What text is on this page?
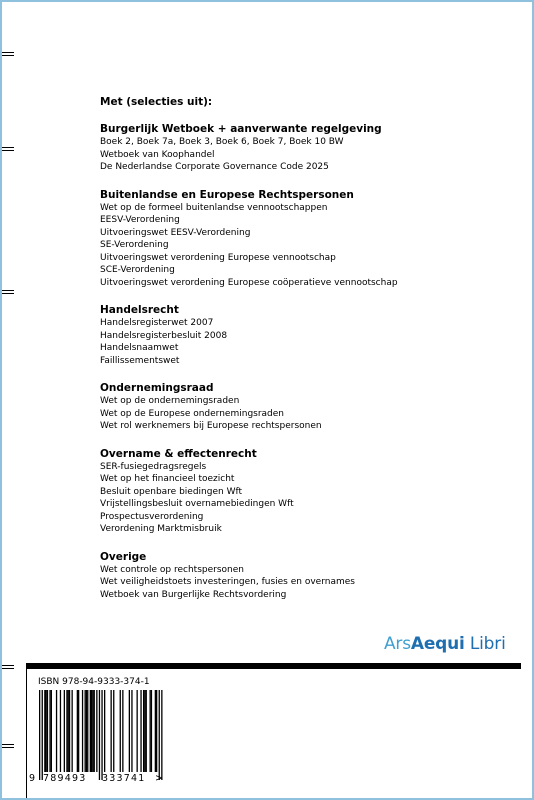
Met (selecties uit):
Burgerlijk Wetboek + aanverwante regelgeving
Boek 2, Boek 7a, Boek 3, Boek 6, Boek 7, Boek 10 BW
Wetboek van Koophandel
De Nederlandse Corporate Governance Code 2025
Buitenlandse en Europese Rechtspersonen
Wet op de formeel buitenlandse vennootschappen
EESV-Verordening
Uitvoeringswet EESV-Verordening
SE-Verordening
Uitvoeringswet verordening Europese vennootschap
SCE-Verordening
Uitvoeringswet verordening Europese coöperatieve vennootschap
Handelsrecht
Handelsregisterwet 2007
Handelsregisterbesluit 2008
Handelsnaamwet
Faillissementswet
Ondernemingsraad
Wet op de ondernemingsraden
Wet op de Europese ondernemingsraden
Wet rol werknemers bij Europese rechtspersonen
Overname & effectenrecht
SER-fusiegedragsregels
Wet op het financieel toezicht
Besluit openbare biedingen Wft
Vrijstellingsbesluit overnamebiedingen Wft
Prospectusverordening
Verordening Marktmisbruik
Overige
Wet controle op rechtspersonen
Wet veiligheidstoets investeringen, fusies en overnames
Wetboek van Burgerlijke Rechtsvordering
ArsAequi Libri
ISBN 978-94-9333-374-1
9 789493 333741 >
